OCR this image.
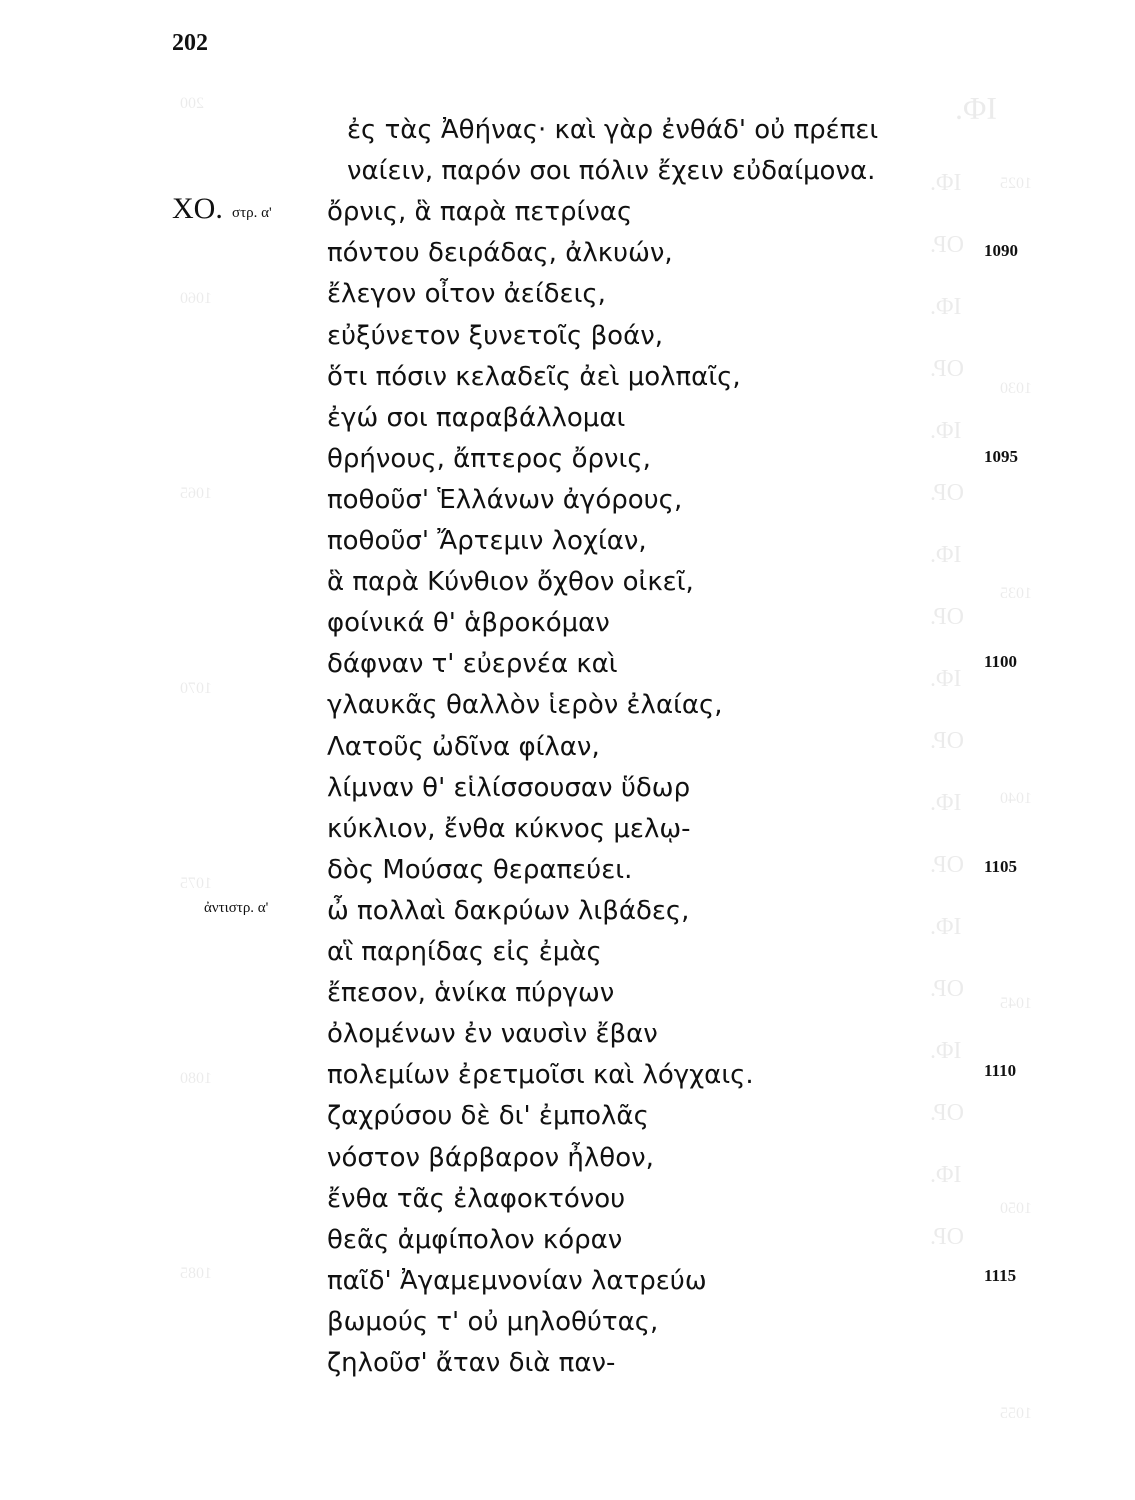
ΙΦ.
ΙΦ.
ΟΡ.
ΙΦ.
ΟΡ.
ΙΦ.
ΟΡ.
ΙΦ.
ΟΡ.
ΙΦ.
ΟΡ.
ΙΦ.
ΟΡ.
ΙΦ.
ΟΡ.
ΙΦ.
ΟΡ.
ΙΦ.
ΟΡ.
1025
1030
1035
1040
1045
1050
1055
200
1060
1065
1070
1075
1080
1085
202
ΧΟ. στρ. α'
ἀντιστρ. α'
ἐς τὰς Ἀθήνας· καὶ γὰρ ἐνθάδ' οὐ πρέπει
ναίειν, παρόν σοι πόλιν ἔχειν εὐδαίμονα.
ὄρνις, ἃ παρὰ πετρίνας
πόντου δειράδας, ἀλκυών,
ἔλεγον οἶτον ἀείδεις,
εὐξύνετον ξυνετοῖς βοάν,
ὅτι πόσιν κελαδεῖς ἀεὶ μολπαῖς,
ἐγώ σοι παραβάλλομαι
θρήνους, ἄπτερος ὄρνις,
ποθοῦσ' Ἑλλάνων ἀγόρους,
ποθοῦσ' Ἄρτεμιν λοχίαν,
ἃ παρὰ Κύνθιον ὄχθον οἰκεῖ,
φοίνικά θ' ἁβροκόμαν
δάφναν τ' εὐερνέα καὶ
γλαυκᾶς θαλλὸν ἱερὸν ἐλαίας,
Λατοῦς ὠδῖνα φίλαν,
λίμναν θ' εἱλίσσουσαν ὕδωρ
κύκλιον, ἔνθα κύκνος μελῳ-
δὸς Μούσας θεραπεύει.
ὦ πολλαὶ δακρύων λιβάδες,
αἳ παρηίδας εἰς ἐμὰς
ἔπεσον, ἁνίκα πύργων
ὀλομένων ἐν ναυσὶν ἔβαν
πολεμίων ἐρετμοῖσι καὶ λόγχαις.
ζαχρύσου δὲ δι' ἐμπολᾶς
νόστον βάρβαρον ἦλθον,
ἔνθα τᾶς ἐλαφοκτόνου
θεᾶς ἀμφίπολον κόραν
παῖδ' Ἀγαμεμνονίαν λατρεύω
βωμούς τ' οὐ μηλοθύτας,
ζηλοῦσ' ἄταν διὰ παν-
1090
1095
1100
1105
1110
1115
